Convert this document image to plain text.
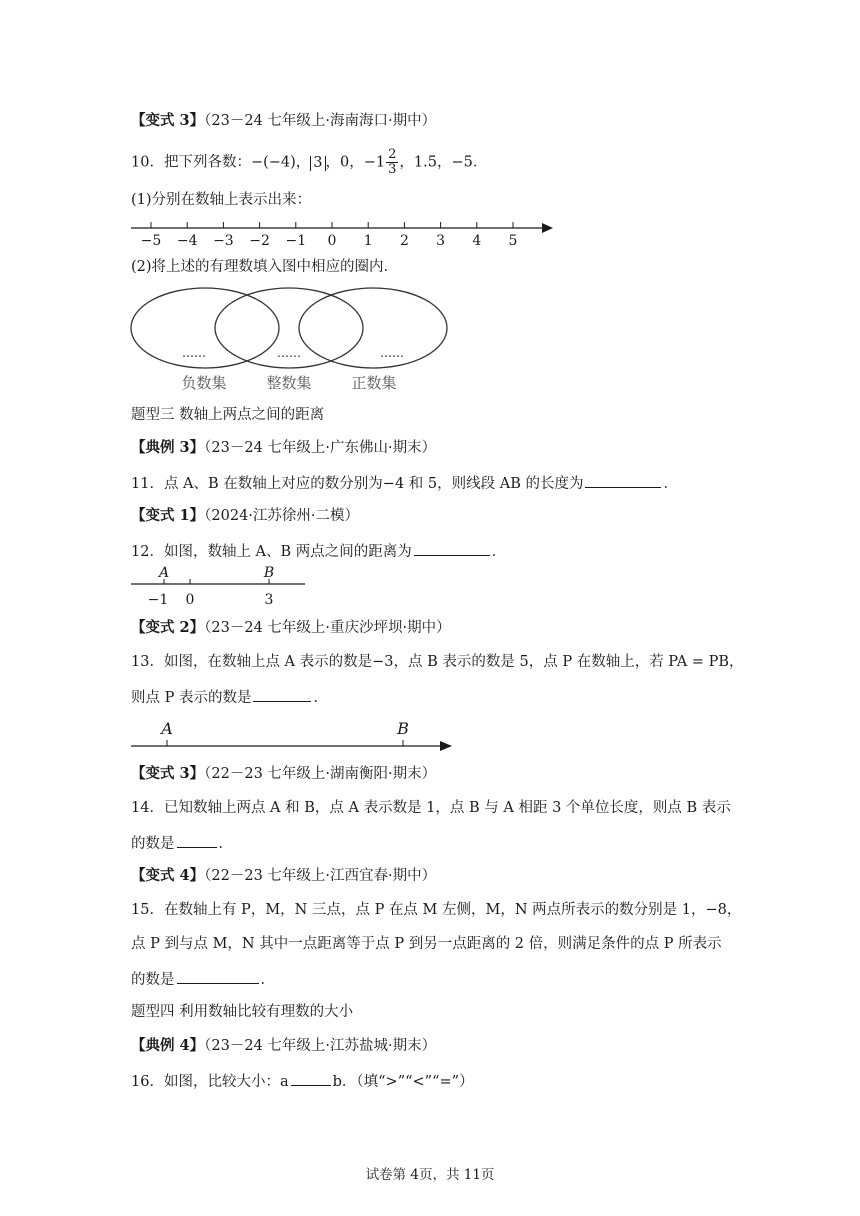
【变式 3】（23－24 七年级上·海南海口·期中）
10．把下列各数：−(−4)， 3 ，0，$-1 \frac{2}{3}$ ，1.5，−5．
(1)分别在数轴上表示出来：
−5 −4 −3 −2 −1 0 1 2 3 4 5
(2)将上述的有理数填入图中相应的圈内．
……	……	……
负数集	整数集	正数集
题型三 数轴上两点之间的距离
【典例 3】（23－24 七年级上·广东佛山·期末）
11．点 A、B 在数轴上对应的数分别为−4 和 5，则线段 AB 的长度为	．
【变式 1】（2024·江苏徐州·二模）
12．如图，数轴上 A、B 两点之间的距离为	．
A	B
−1 0	3
【变式 2】（23－24 七年级上·重庆沙坪坝·期中）
13．如图，在数轴上点 A 表示的数是−3，点 B 表示的数是 5，点 P 在数轴上，若 PA = PB，
则点 P 表示的数是	．
A	B
【变式 3】（22－23 七年级上·湖南衡阳·期末）
14．已知数轴上两点 A 和 B，点 A 表示数是 1，点 B 与 A 相距 3 个单位长度，则点 B 表示
的数是	．
【变式 4】（22－23 七年级上·江西宜春·期中）
15．在数轴上有 P，M，N 三点，点 P 在点 M 左侧，M，N 两点所表示的数分别是 1，−8，
点 P 到与点 M，N 其中一点距离等于点 P 到另一点距离的 2 倍，则满足条件的点 P 所表示
的数是	．
题型四 利用数轴比较有理数的大小
【典例 4】（23－24 七年级上·江苏盐城·期末）
16．如图，比较大小：a	b．（填“>”“<”“=”）
试卷第 4页，共 11页
